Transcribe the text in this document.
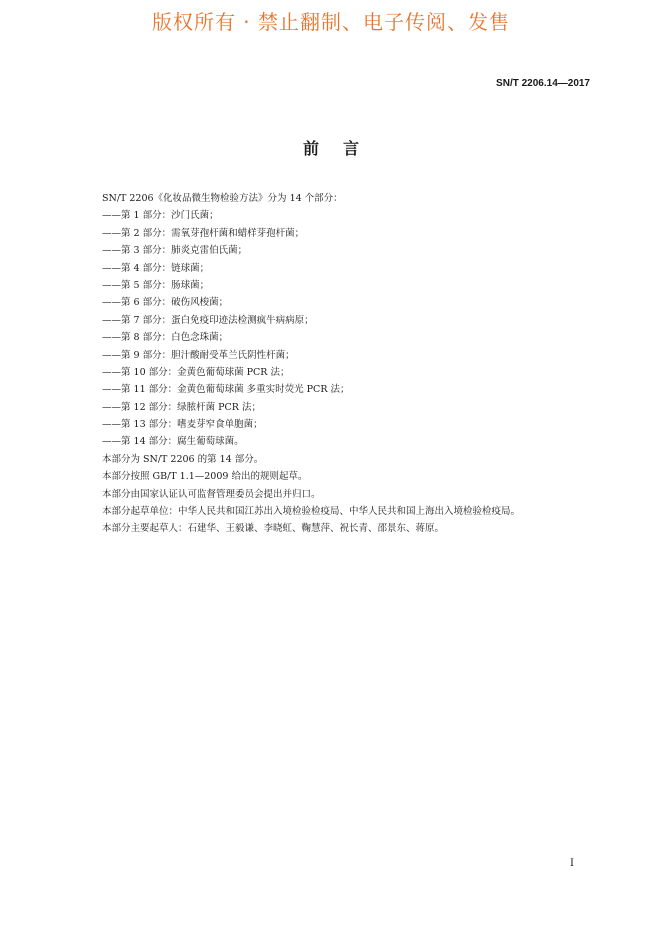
版权所有 · 禁止翻制、电子传阅、发售
SN/T 2206.14—2017
前言
SN/T 2206《化妆品微生物检验方法》分为 14 个部分：
——第 1 部分：沙门氏菌；
——第 2 部分：需氧芽孢杆菌和蜡样芽孢杆菌；
——第 3 部分：肺炎克雷伯氏菌；
——第 4 部分：链球菌；
——第 5 部分：肠球菌；
——第 6 部分：破伤风梭菌；
——第 7 部分：蛋白免疫印迹法检测疯牛病病原；
——第 8 部分：白色念珠菌；
——第 9 部分：胆汁酸耐受革兰氏阴性杆菌；
——第 10 部分：金黄色葡萄球菌 PCR 法；
——第 11 部分：金黄色葡萄球菌 多重实时荧光 PCR 法；
——第 12 部分：绿脓杆菌 PCR 法；
——第 13 部分：嗜麦芽窄食单胞菌；
——第 14 部分：腐生葡萄球菌。
本部分为 SN/T 2206 的第 14 部分。
本部分按照 GB/T 1.1—2009 给出的规则起草。
本部分由国家认证认可监督管理委员会提出并归口。
本部分起草单位：中华人民共和国江苏出入境检验检疫局、中华人民共和国上海出入境检验检疫局。
本部分主要起草人：石建华、王毅谦、李晓虹、鞠慧萍、祝长青、邵景东、蒋原。
I
